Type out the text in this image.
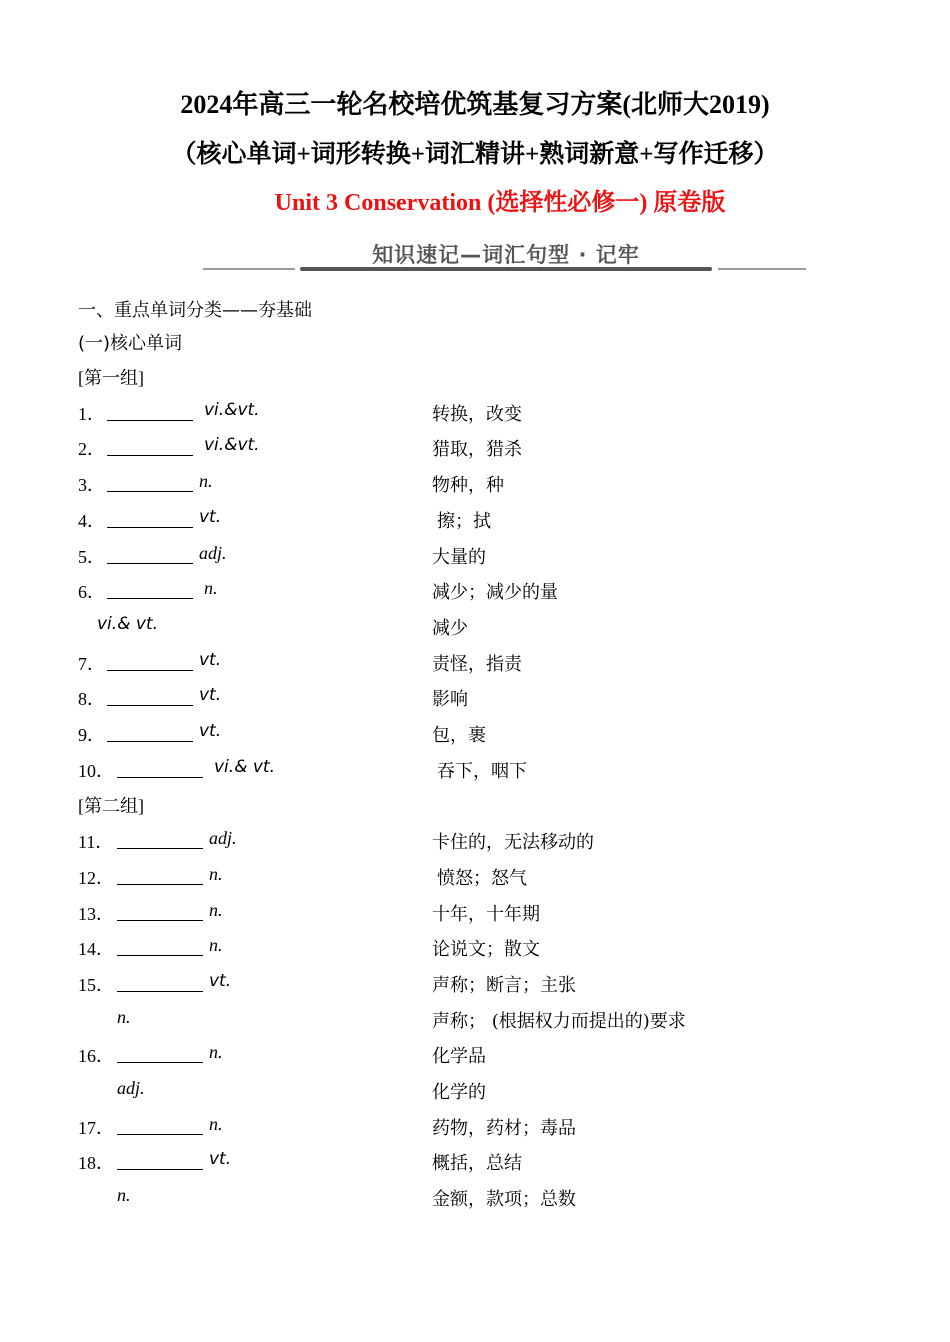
2024年高三一轮名校培优筑基复习方案(北师大2019)
（核心单词+词形转换+词汇精讲+熟词新意+写作迁移）
Unit 3 Conservation (选择性必修一) 原卷版
知识速记—词汇句型 · 记牢
一、重点单词分类——夯基础
(一)核心单词
[第一组]
1．	vi.&vt.	转换，改变
2．	vi.&vt.	猎取，猎杀
3．	n.	物种，种
4．	vt.	擦；拭
5．	adj.	大量的
6．	n.	减少；减少的量
vi.& vt.	减少
7．	vt.	责怪，指责
8．	vt.	影响
9．	vt.	包，裹
10．	vi.& vt.	吞下，咽下
[第二组]
11．	adj.	卡住的，无法移动的
12．	n.	愤怒；怒气
13．	n.	十年，十年期
14．	n.	论说文；散文
15．	vt.	声称；断言；主张
n.	声称； (根据权力而提出的)要求
16．	n.	化学品
adj.	化学的
17．	n.	药物，药材；毒品
18．	vt.	概括，总结
n.	金额，款项；总数
